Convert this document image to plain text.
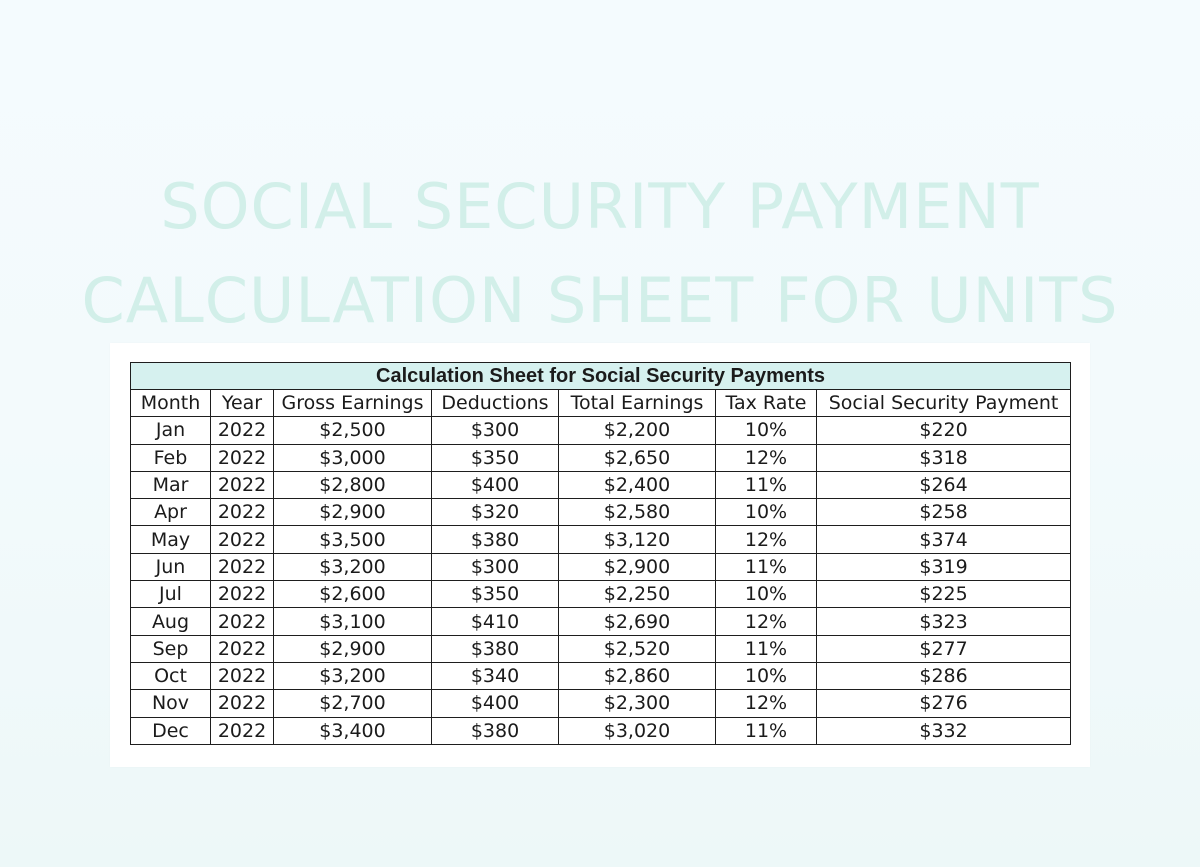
SOCIAL SECURITY PAYMENT
CALCULATION SHEET FOR UNITS
Calculation Sheet for Social Security Payments						
Month	Year	Gross Earnings	Deductions	Total Earnings	Tax Rate	Social Security Payment
Jan	2022	$2,500	$300	$2,200	10%	$220
Feb	2022	$3,000	$350	$2,650	12%	$318
Mar	2022	$2,800	$400	$2,400	11%	$264
Apr	2022	$2,900	$320	$2,580	10%	$258
May	2022	$3,500	$380	$3,120	12%	$374
Jun	2022	$3,200	$300	$2,900	11%	$319
Jul	2022	$2,600	$350	$2,250	10%	$225
Aug	2022	$3,100	$410	$2,690	12%	$323
Sep	2022	$2,900	$380	$2,520	11%	$277
Oct	2022	$3,200	$340	$2,860	10%	$286
Nov	2022	$2,700	$400	$2,300	12%	$276
Dec	2022	$3,400	$380	$3,020	11%	$332
